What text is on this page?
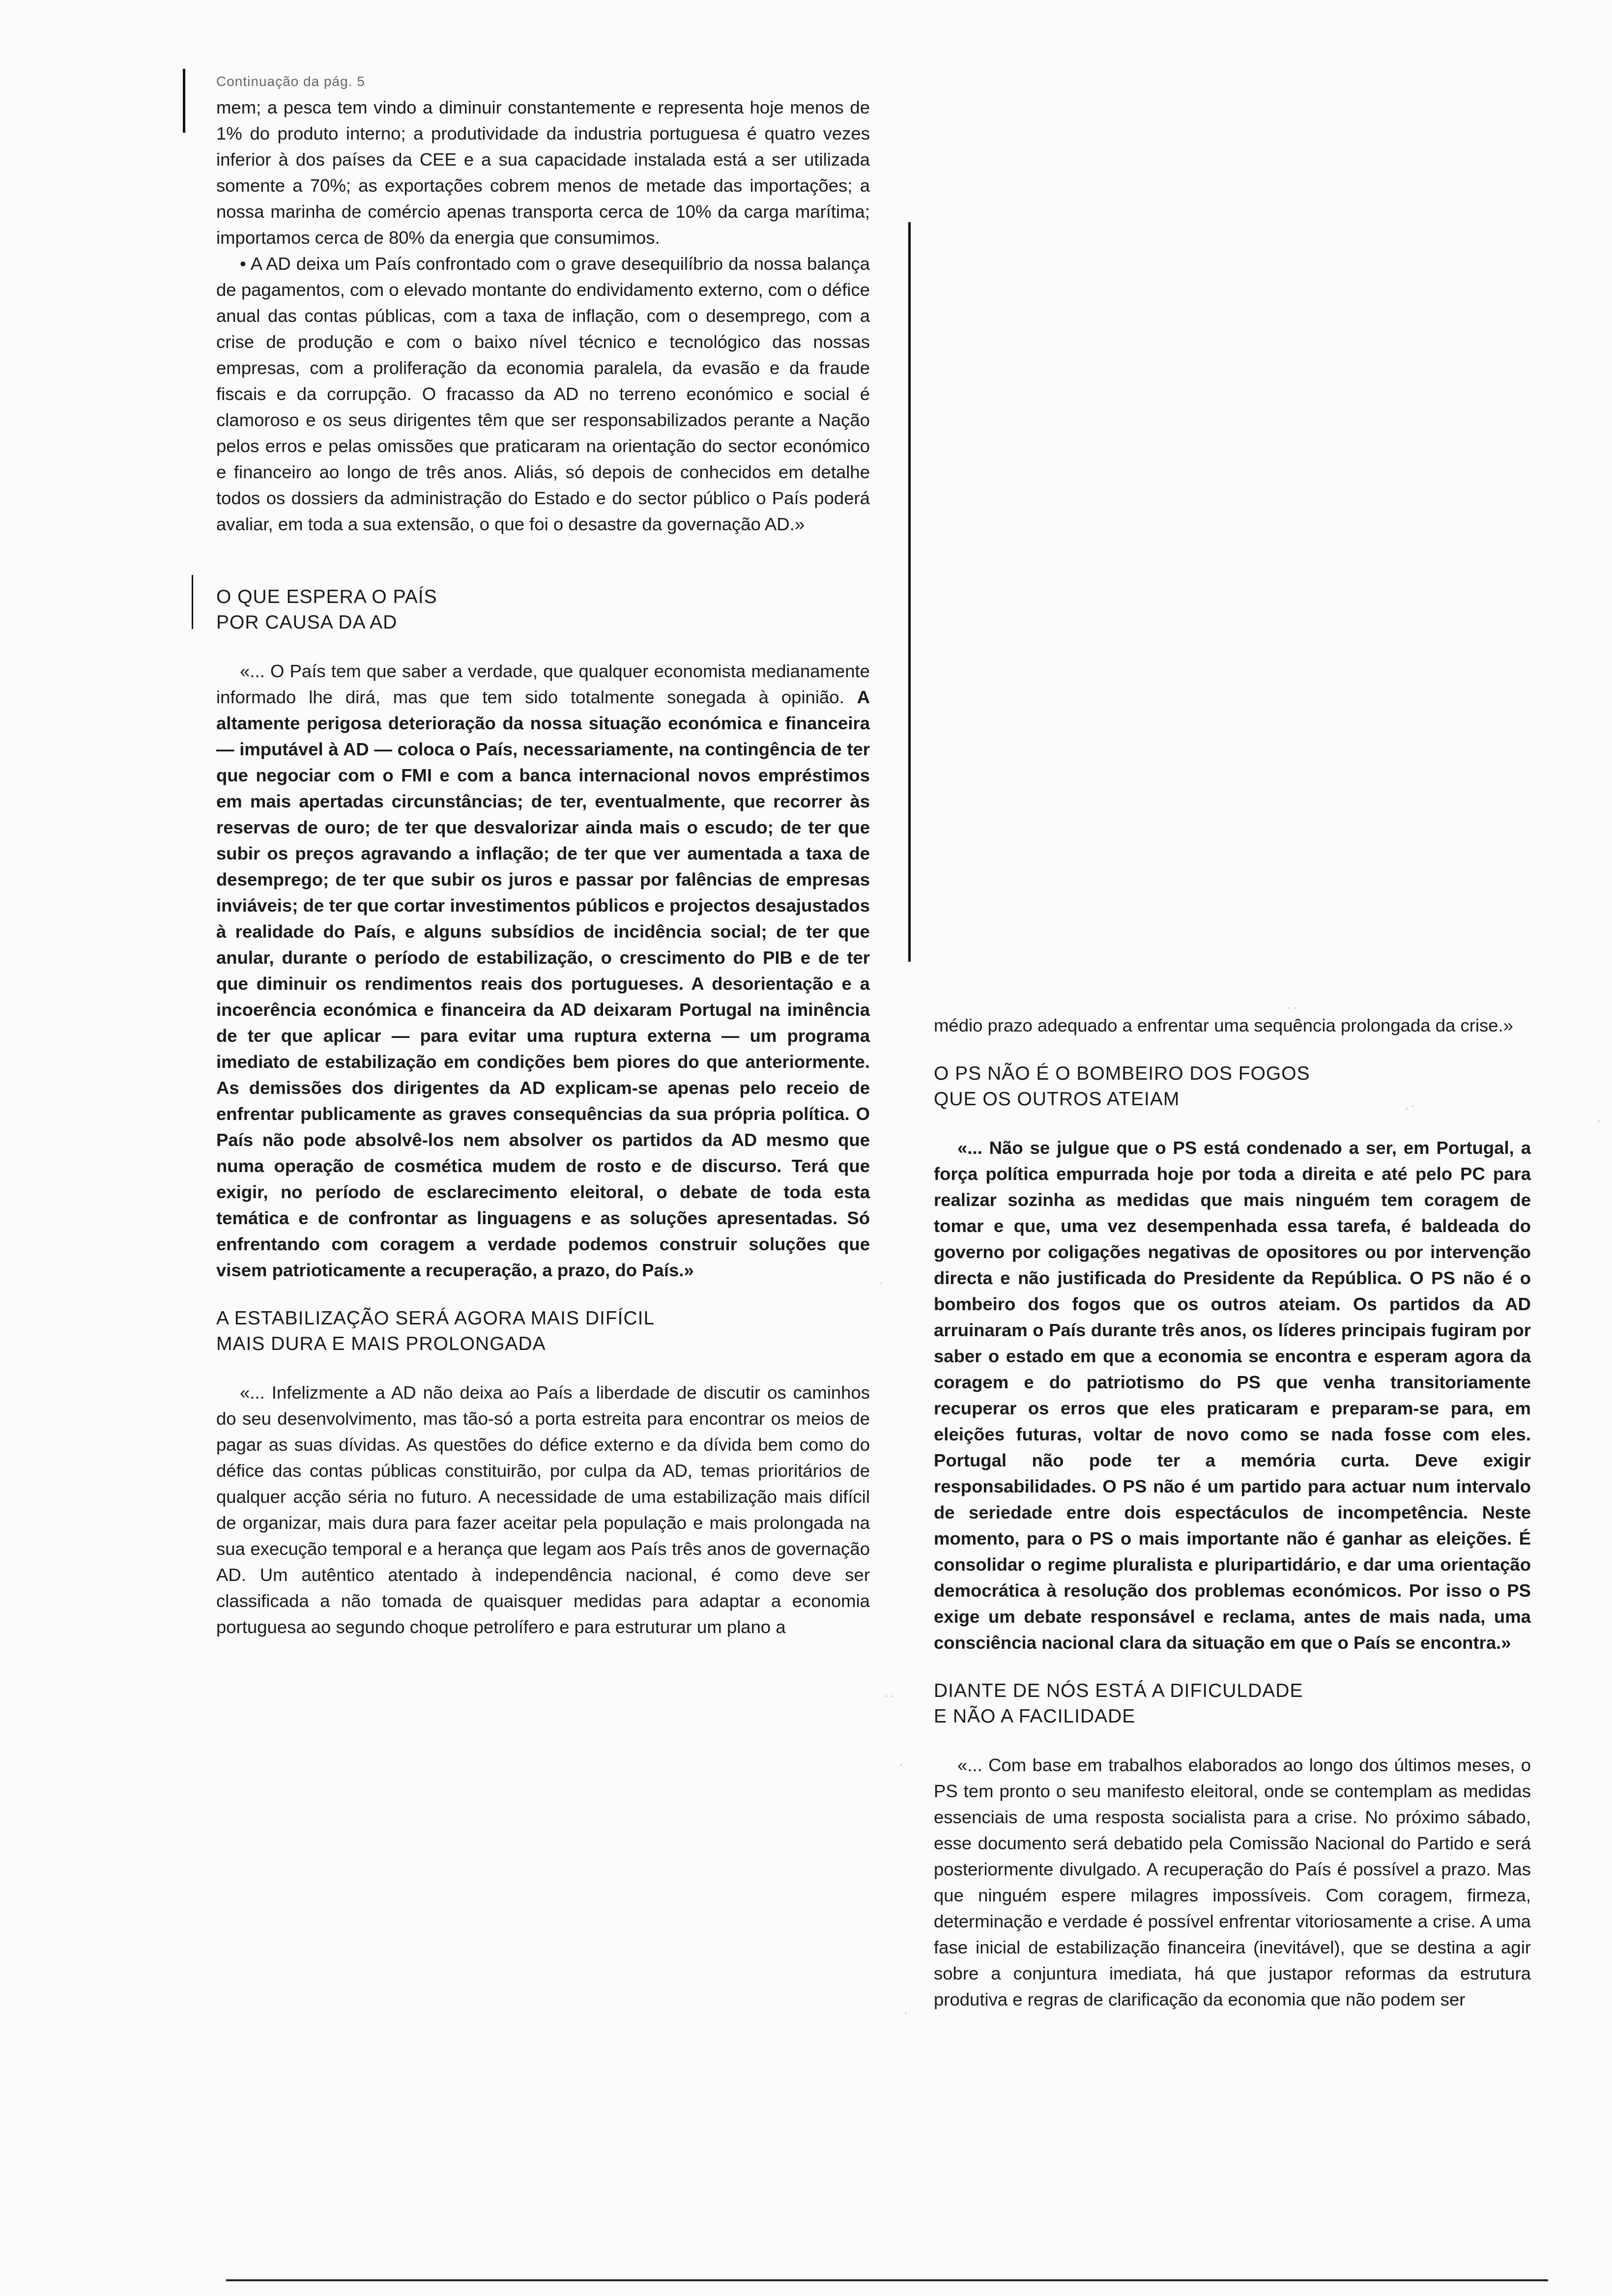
Continuação da pág. 5

mem; a pesca tem vindo a diminuir constantemente e representa hoje menos de 1% do produto interno; a produtividade da industria portuguesa é quatro vezes inferior à dos países da CEE e a sua capacidade instalada está a ser utilizada somente a 70%; as exportações cobrem menos de metade das importações; a nossa marinha de comércio apenas transporta cerca de 10% da carga marítima; importamos cerca de 80% da energia que consumimos.

• A AD deixa um País confrontado com o grave desequilíbrio da nossa balança de pagamentos, com o elevado montante do endividamento externo, com o défice anual das contas públicas, com a taxa de inflação, com o desemprego, com a crise de produção e com o baixo nível técnico e tecnológico das nossas empresas, com a proliferação da economia paralela, da evasão e da fraude fiscais e da corrupção. O fracasso da AD no terreno económico e social é clamoroso e os seus dirigentes têm que ser responsabilizados perante a Nação pelos erros e pelas omissões que praticaram na orientação do sector económico e financeiro ao longo de três anos. Aliás, só depois de conhecidos em detalhe todos os dossiers da administração do Estado e do sector público o País poderá avaliar, em toda a sua extensão, o que foi o desastre da governação AD.»

O QUE ESPERA O PAÍS
POR CAUSA DA AD

«... O País tem que saber a verdade, que qualquer economista medianamente informado lhe dirá, mas que tem sido totalmente sonegada à opinião. A altamente perigosa deterioração da nossa situação económica e financeira — imputável à AD — coloca o País, necessariamente, na contingência de ter que negociar com o FMI e com a banca internacional novos empréstimos em mais apertadas circunstâncias; de ter, eventualmente, que recorrer às reservas de ouro; de ter que desvalorizar ainda mais o escudo; de ter que subir os preços agravando a inflação; de ter que ver aumentada a taxa de desemprego; de ter que subir os juros e passar por falências de empresas inviáveis; de ter que cortar investimentos públicos e projectos desajustados à realidade do País, e alguns subsídios de incidência social; de ter que anular, durante o período de estabilização, o crescimento do PIB e de ter que diminuir os rendimentos reais dos portugueses. A desorientação e a incoerência económica e financeira da AD deixaram Portugal na iminência de ter que aplicar — para evitar uma ruptura externa — um programa imediato de estabilização em condições bem piores do que anteriormente. As demissões dos dirigentes da AD explicam-se apenas pelo receio de enfrentar publicamente as graves consequências da sua própria política. O País não pode absolvê-los nem absolver os partidos da AD mesmo que numa operação de cosmética mudem de rosto e de discurso. Terá que exigir, no período de esclarecimento eleitoral, o debate de toda esta temática e de confrontar as linguagens e as soluções apresentadas. Só enfrentando com coragem a verdade podemos construir soluções que visem patrioticamente a recuperação, a prazo, do País.»

A ESTABILIZAÇÃO SERÁ AGORA MAIS DIFÍCIL
MAIS DURA E MAIS PROLONGADA

«... Infelizmente a AD não deixa ao País a liberdade de discutir os caminhos do seu desenvolvimento, mas tão-só a porta estreita para encontrar os meios de pagar as suas dívidas. As questões do défice externo e da dívida bem como do défice das contas públicas constituirão, por culpa da AD, temas prioritários de qualquer acção séria no futuro. A necessidade de uma estabilização mais difícil de organizar, mais dura para fazer aceitar pela população e mais prolongada na sua execução temporal e a herança que legam aos País três anos de governação AD. Um autêntico atentado à independência nacional, é como deve ser classificada a não tomada de quaisquer medidas para adaptar a economia portuguesa ao segundo choque petrolífero e para estruturar um plano a

médio prazo adequado a enfrentar uma sequência prolongada da crise.»

O PS NÃO É O BOMBEIRO DOS FOGOS
QUE OS OUTROS ATEIAM

«... Não se julgue que o PS está condenado a ser, em Portugal, a força política empurrada hoje por toda a direita e até pelo PC para realizar sozinha as medidas que mais ninguém tem coragem de tomar e que, uma vez desempenhada essa tarefa, é baldeada do governo por coligações negativas de opositores ou por intervenção directa e não justificada do Presidente da República. O PS não é o bombeiro dos fogos que os outros ateiam. Os partidos da AD arruinaram o País durante três anos, os líderes principais fugiram por saber o estado em que a economia se encontra e esperam agora da coragem e do patriotismo do PS que venha transitoriamente recuperar os erros que eles praticaram e preparam-se para, em eleições futuras, voltar de novo como se nada fosse com eles. Portugal não pode ter a memória curta. Deve exigir responsabilidades. O PS não é um partido para actuar num intervalo de seriedade entre dois espectáculos de incompetência. Neste momento, para o PS o mais importante não é ganhar as eleições. É consolidar o regime pluralista e pluripartidário, e dar uma orientação democrática à resolução dos problemas económicos. Por isso o PS exige um debate responsável e reclama, antes de mais nada, uma consciência nacional clara da situação em que o País se encontra.»

DIANTE DE NÓS ESTÁ A DIFICULDADE
E NÃO A FACILIDADE

«... Com base em trabalhos elaborados ao longo dos últimos meses, o PS tem pronto o seu manifesto eleitoral, onde se contemplam as medidas essenciais de uma resposta socialista para a crise. No próximo sábado, esse documento será debatido pela Comissão Nacional do Partido e será posteriormente divulgado. A recuperação do País é possível a prazo. Mas que ninguém espere milagres impossíveis. Com coragem, firmeza, determinação e verdade é possível enfrentar vitoriosamente a crise. A uma fase inicial de estabilização financeira (inevitável), que se destina a agir sobre a conjuntura imediata, há que justapor reformas da estrutura produtiva e regras de clarificação da economia que não podem ser

· ·
. ·
·
·
· ·
·
.
